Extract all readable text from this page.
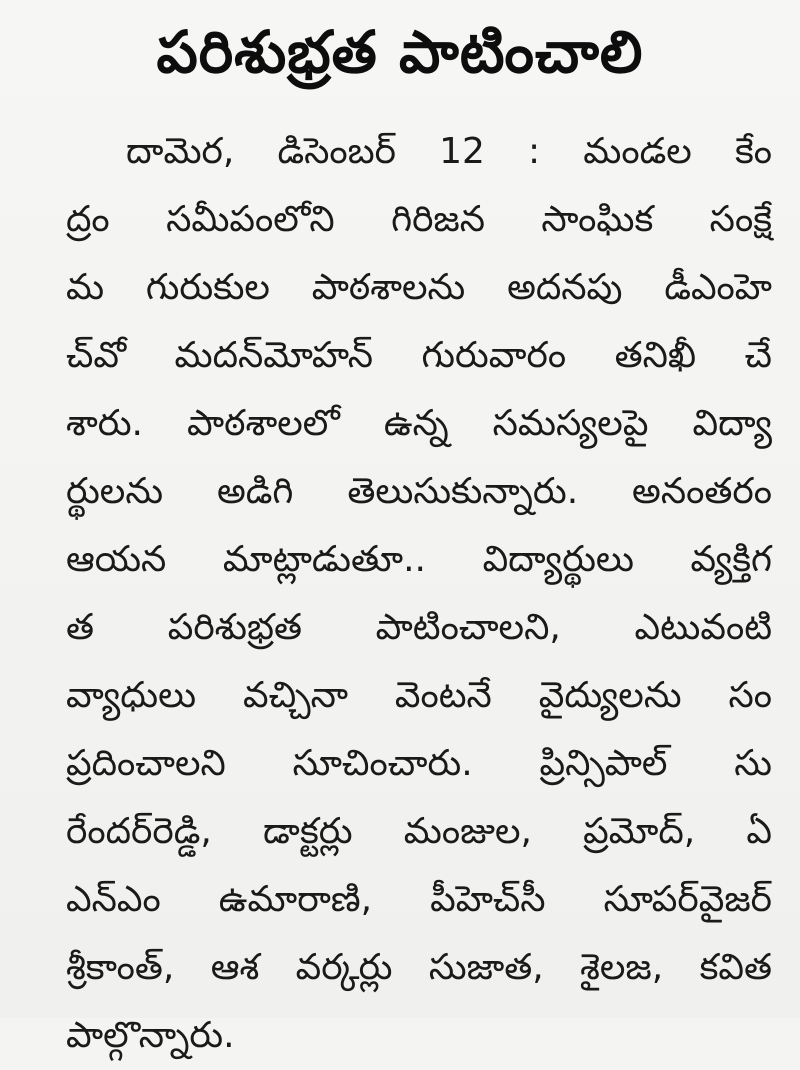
పరిశుభ్రత పాటించాలి
దామెర, డిసెంబర్ 12 : మండల కేం
ద్రం సమీపంలోని గిరిజన సాంఘిక సంక్షే
మ గురుకుల పాఠశాలను అదనపు డీఎంహె
చ్‌వో మదన్‌మోహన్ గురువారం తనిఖీ చే
శారు. పాఠశాలలో ఉన్న సమస్యలపై విద్యా
ర్థులను అడిగి తెలుసుకున్నారు. అనంతరం
ఆయన మాట్లాడుతూ.. విద్యార్థులు వ్యక్తిగ
త పరిశుభ్రత పాటించాలని, ఎటువంటి
వ్యాధులు వచ్చినా వెంటనే వైద్యులను సం
ప్రదించాలని సూచించారు. ప్రిన్సిపాల్ సు
రేందర్‌రెడ్డి, డాక్టర్లు మంజుల, ప్రమోద్, ఏ
ఎన్ఎం ఉమారాణి, పీహెచ్‌సీ సూపర్‌వైజర్
శ్రీకాంత్, ఆశ వర్కర్లు సుజాత, శైలజ, కవిత
పాల్గొన్నారు.
